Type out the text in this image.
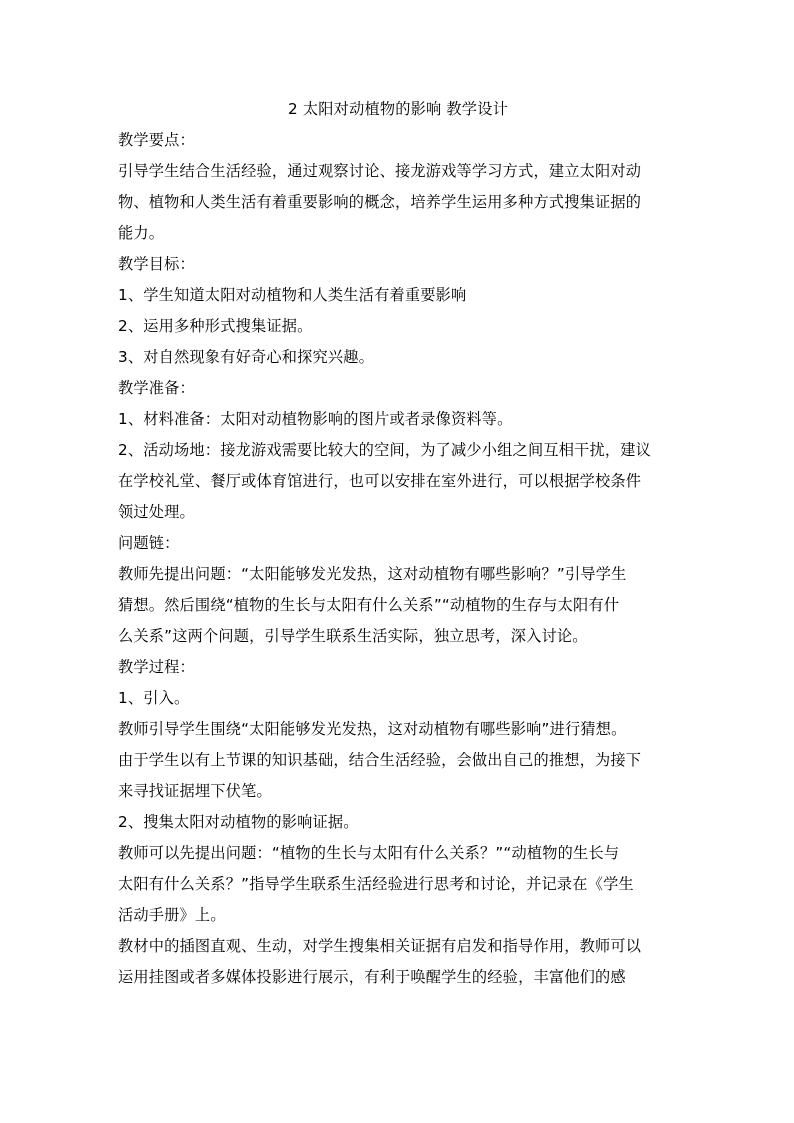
2 太阳对动植物的影响 教学设计

教学要点：

引导学生结合生活经验，通过观察讨论、接龙游戏等学习方式，建立太阳对动

物、植物和人类生活有着重要影响的概念，培养学生运用多种方式搜集证据的

能力。

教学目标：

1、学生知道太阳对动植物和人类生活有着重要影响

2、运用多种形式搜集证据。

3、对自然现象有好奇心和探究兴趣。

教学准备：

1、材料准备：太阳对动植物影响的图片或者录像资料等。

2、活动场地：接龙游戏需要比较大的空间，为了减少小组之间互相干扰，建议

在学校礼堂、餐厅或体育馆进行，也可以安排在室外进行，可以根据学校条件

领过处理。

问题链：

教师先提出问题：“太阳能够发光发热，这对动植物有哪些影响？”引导学生

猜想。然后围绕“植物的生长与太阳有什么关系”“动植物的生存与太阳有什

么关系”这两个问题，引导学生联系生活实际，独立思考，深入讨论。

教学过程：

1、引入。

教师引导学生围绕“太阳能够发光发热，这对动植物有哪些影响”进行猜想。

由于学生以有上节课的知识基础，结合生活经验，会做出自己的推想，为接下

来寻找证据埋下伏笔。

2、搜集太阳对动植物的影响证据。

教师可以先提出问题：“植物的生长与太阳有什么关系？”“动植物的生长与

太阳有什么关系？”指导学生联系生活经验进行思考和讨论，并记录在《学生

活动手册》上。

教材中的插图直观、生动，对学生搜集相关证据有启发和指导作用，教师可以

运用挂图或者多媒体投影进行展示，有利于唤醒学生的经验，丰富他们的感
